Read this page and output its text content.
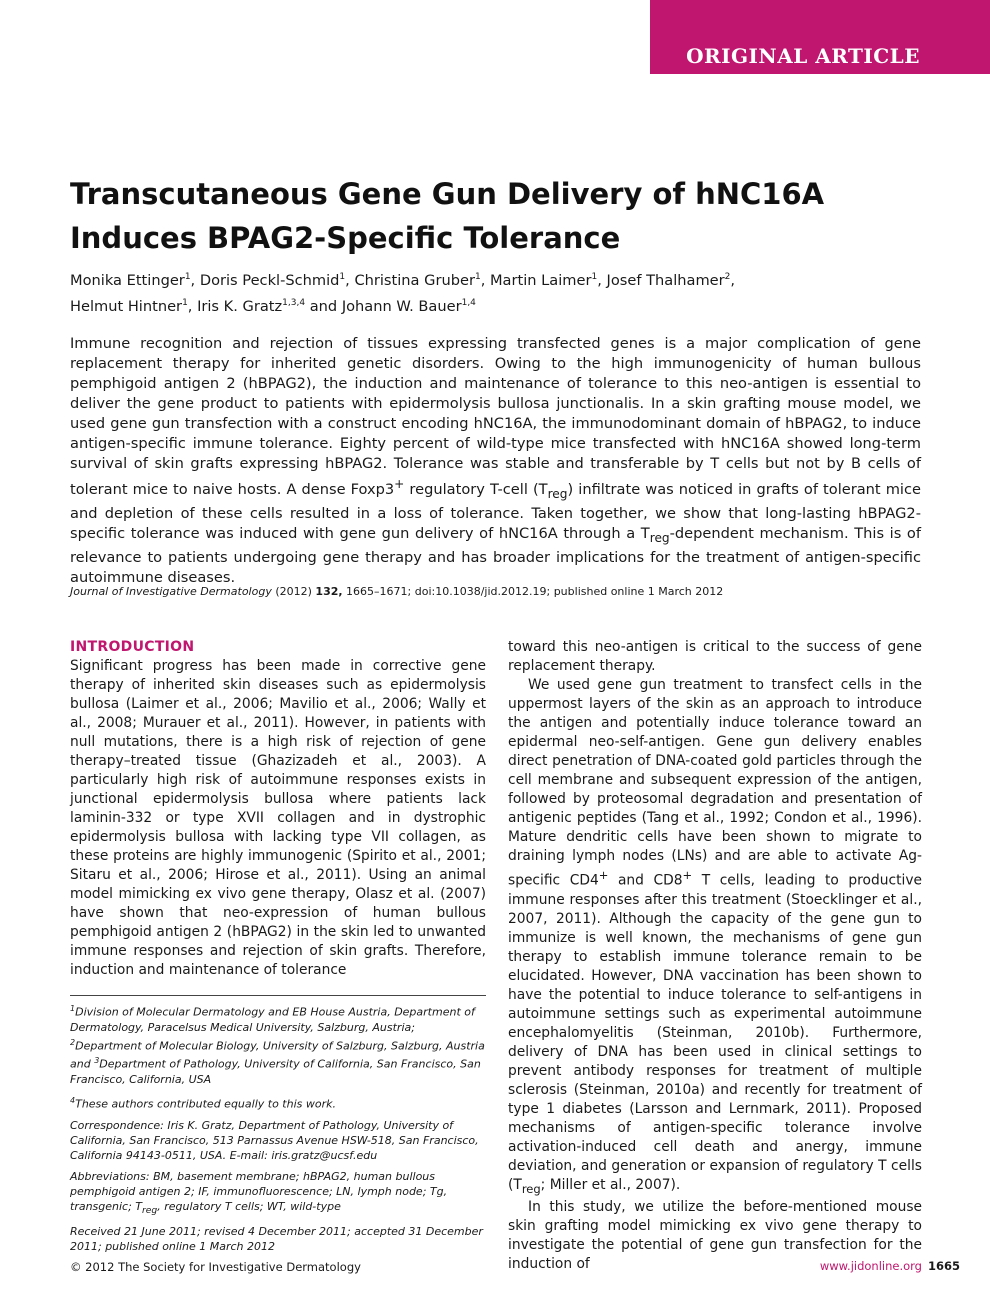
ORIGINAL ARTICLE
Transcutaneous Gene Gun Delivery of hNC16A
Induces BPAG2-Specific Tolerance
Monika Ettinger$^1$, Doris Peckl-Schmid$^1$, Christina Gruber$^1$, Martin Laimer$^1$, Josef Thalhamer$^2$,
Helmut Hintner$^1$, Iris K. Gratz$^{1,3,4}$ and Johann W. Bauer$^{1,4}$
Immune recognition and rejection of tissues expressing transfected genes is a major complication of gene replacement therapy for inherited genetic disorders. Owing to the high immunogenicity of human bullous pemphigoid antigen 2 (hBPAG2), the induction and maintenance of tolerance to this neo-antigen is essential to deliver the gene product to patients with epidermolysis bullosa junctionalis. In a skin grafting mouse model, we used gene gun transfection with a construct encoding hNC16A, the immunodominant domain of hBPAG2, to induce antigen-specific immune tolerance. Eighty percent of wild-type mice transfected with hNC16A showed long-term survival of skin grafts expressing hBPAG2. Tolerance was stable and transferable by T cells but not by B cells of tolerant mice to naive hosts. A dense Foxp3+ regulatory T-cell $(T_{reg})$ infiltrate was noticed in grafts of tolerant mice and depletion of these cells resulted in a loss of tolerance. Taken together, we show that long-lasting hBPAG2-specific tolerance was induced with gene gun delivery of hNC16A through a $T_{reg}$-dependent mechanism. This is of relevance to patients undergoing gene therapy and has broader implications for the treatment of antigen-specific autoimmune diseases.
Journal of Investigative Dermatology (2012) 132, 1665–1671; doi:10.1038/jid.2012.19; published online 1 March 2012
INTRODUCTION

Significant progress has been made in corrective gene therapy of inherited skin diseases such as epidermolysis bullosa (Laimer et al., 2006; Mavilio et al., 2006; Wally et al., 2008; Murauer et al., 2011). However, in patients with null mutations, there is a high risk of rejection of gene therapy–treated tissue (Ghazizadeh et al., 2003). A particularly high risk of autoimmune responses exists in junctional epidermolysis bullosa where patients lack laminin-332 or type XVII collagen and in dystrophic epidermolysis bullosa with lacking type VII collagen, as these proteins are highly immunogenic (Spirito et al., 2001; Sitaru et al., 2006; Hirose et al., 2011). Using an animal model mimicking ex vivo gene therapy, Olasz et al. (2007) have shown that neo-expression of human bullous pemphigoid antigen 2 (hBPAG2) in the skin led to unwanted immune responses and rejection of skin grafts. Therefore, induction and maintenance of tolerance

toward this neo-antigen is critical to the success of gene replacement therapy.

We used gene gun treatment to transfect cells in the uppermost layers of the skin as an approach to introduce the antigen and potentially induce tolerance toward an epidermal neo-self-antigen. Gene gun delivery enables direct penetration of DNA-coated gold particles through the cell membrane and subsequent expression of the antigen, followed by proteosomal degradation and presentation of antigenic peptides (Tang et al., 1992; Condon et al., 1996). Mature dendritic cells have been shown to migrate to draining lymph nodes (LNs) and are able to activate Ag-specific CD4+ and CD8+ T cells, leading to productive immune responses after this treatment (Stoecklinger et al., 2007, 2011). Although the capacity of the gene gun to immunize is well known, the mechanisms of gene gun therapy to establish immune tolerance remain to be elucidated. However, DNA vaccination has been shown to have the potential to induce tolerance to self-antigens in autoimmune settings such as experimental autoimmune encephalomyelitis (Steinman, 2010b). Furthermore, delivery of DNA has been used in clinical settings to prevent antibody responses for treatment of multiple sclerosis (Steinman, 2010a) and recently for treatment of type 1 diabetes (Larsson and Lernmark, 2011). Proposed mechanisms of antigen-specific tolerance involve activation-induced cell death and anergy, immune deviation, and generation or expansion of regulatory T cells ($T_{reg}$; Miller et al., 2007).

In this study, we utilize the before-mentioned mouse skin grafting model mimicking ex vivo gene therapy to investigate the potential of gene gun transfection for the induction of

$^1$Division of Molecular Dermatology and EB House Austria, Department of Dermatology, Paracelsus Medical University, Salzburg, Austria; $^2$Department of Molecular Biology, University of Salzburg, Salzburg, Austria and $^3$Department of Pathology, University of California, San Francisco, San Francisco, California, USA

$^4$These authors contributed equally to this work.

Correspondence: Iris K. Gratz, Department of Pathology, University of California, San Francisco, 513 Parnassus Avenue HSW-518, San Francisco, California 94143-0511, USA. E-mail: iris.gratz@ucsf.edu

Abbreviations: BM, basement membrane; hBPAG2, human bullous pemphigoid antigen 2; IF, immunofluorescence; LN, lymph node; Tg, transgenic; $T_{reg}$, regulatory T cells; WT, wild-type

Received 21 June 2011; revised 4 December 2011; accepted 31 December 2011; published online 1 March 2012

© 2012 The Society for Investigative Dermatology	www.jidonline.org 1665
